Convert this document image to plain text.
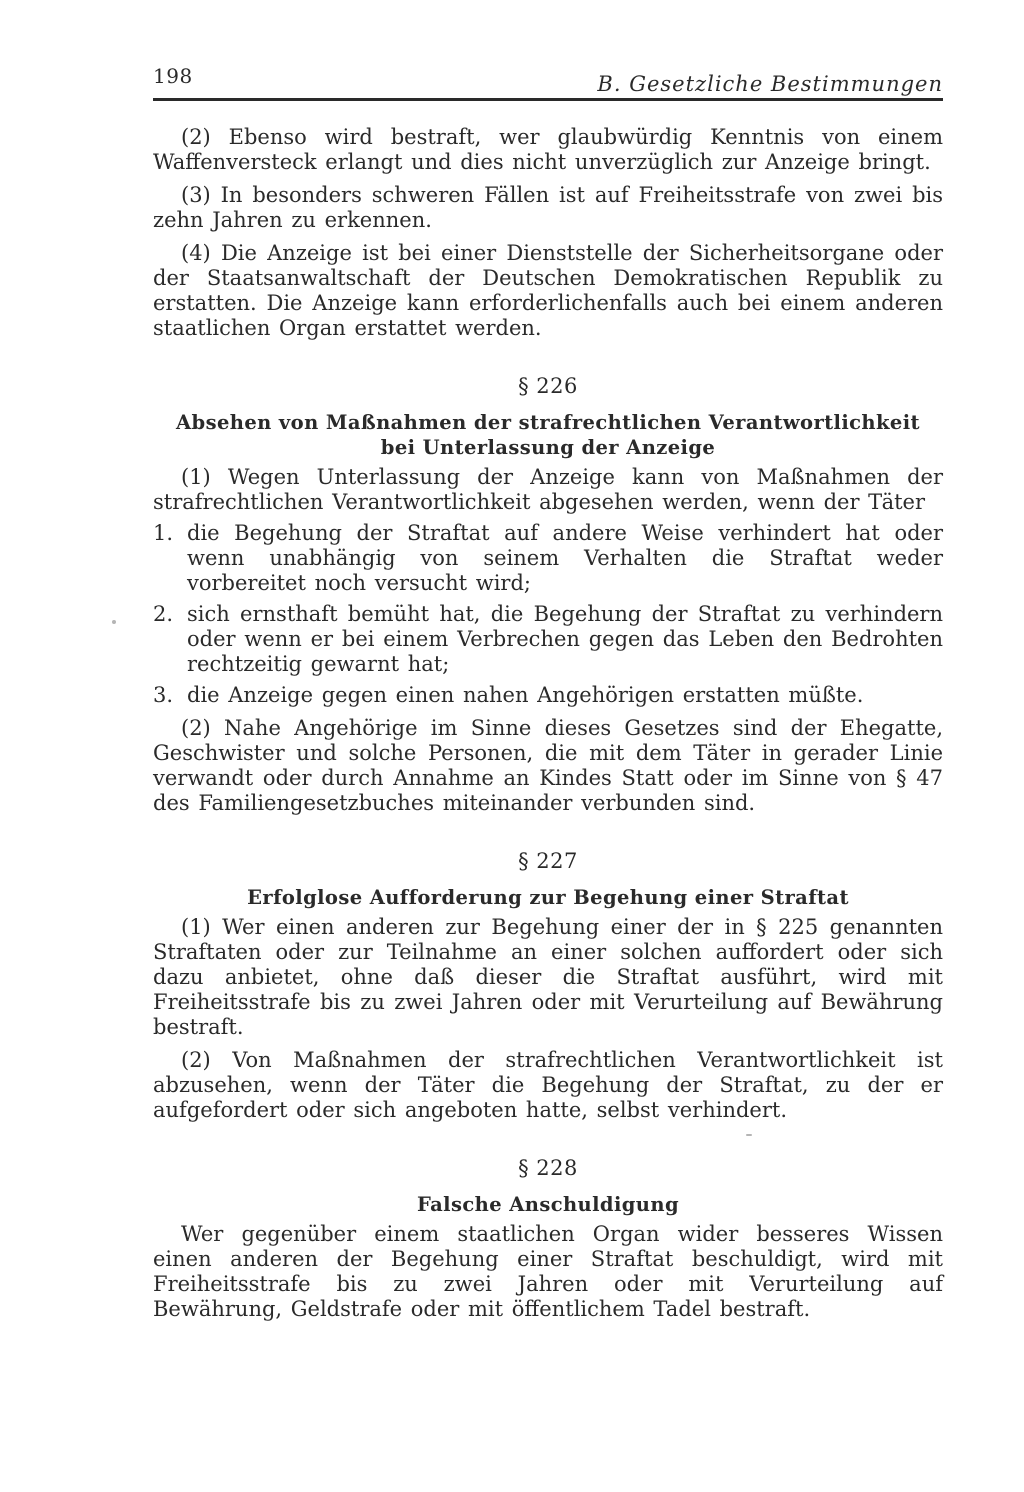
198	B. Gesetzliche Bestimmungen

(2) Ebenso wird bestraft, wer glaubwürdig Kenntnis von einem Waffenversteck erlangt und dies nicht unverzüglich zur Anzeige bringt.

(3) In besonders schweren Fällen ist auf Freiheitsstrafe von zwei bis zehn Jahren zu erkennen.

(4) Die Anzeige ist bei einer Dienststelle der Sicherheitsorgane oder der Staatsanwaltschaft der Deutschen Demokratischen Republik zu erstatten. Die Anzeige kann erforderlichenfalls auch bei einem anderen staatlichen Organ erstattet werden.

§ 226
Absehen von Maßnahmen der strafrechtlichen Verantwortlichkeit
bei Unterlassung der Anzeige

(1) Wegen Unterlassung der Anzeige kann von Maßnahmen der strafrechtlichen Verantwortlichkeit abgesehen werden, wenn der Täter

1. die Begehung der Straftat auf andere Weise verhindert hat oder wenn unabhängig von seinem Verhalten die Straftat weder vorbereitet noch versucht wird;
2. sich ernsthaft bemüht hat, die Begehung der Straftat zu verhindern oder wenn er bei einem Verbrechen gegen das Leben den Bedrohten rechtzeitig gewarnt hat;
3. die Anzeige gegen einen nahen Angehörigen erstatten müßte.

(2) Nahe Angehörige im Sinne dieses Gesetzes sind der Ehegatte, Geschwister und solche Personen, die mit dem Täter in gerader Linie verwandt oder durch Annahme an Kindes Statt oder im Sinne von § 47 des Familiengesetzbuches miteinander verbunden sind.

§ 227
Erfolglose Aufforderung zur Begehung einer Straftat

(1) Wer einen anderen zur Begehung einer der in § 225 genannten Straftaten oder zur Teilnahme an einer solchen auffordert oder sich dazu anbietet, ohne daß dieser die Straftat ausführt, wird mit Freiheitsstrafe bis zu zwei Jahren oder mit Verurteilung auf Bewährung bestraft.

(2) Von Maßnahmen der strafrechtlichen Verantwortlichkeit ist abzusehen, wenn der Täter die Begehung der Straftat, zu der er aufgefordert oder sich angeboten hatte, selbst verhindert.

§ 228
Falsche Anschuldigung

Wer gegenüber einem staatlichen Organ wider besseres Wissen einen anderen der Begehung einer Straftat beschuldigt, wird mit Freiheitsstrafe bis zu zwei Jahren oder mit Verurteilung auf Bewährung, Geldstrafe oder mit öffentlichem Tadel bestraft.
